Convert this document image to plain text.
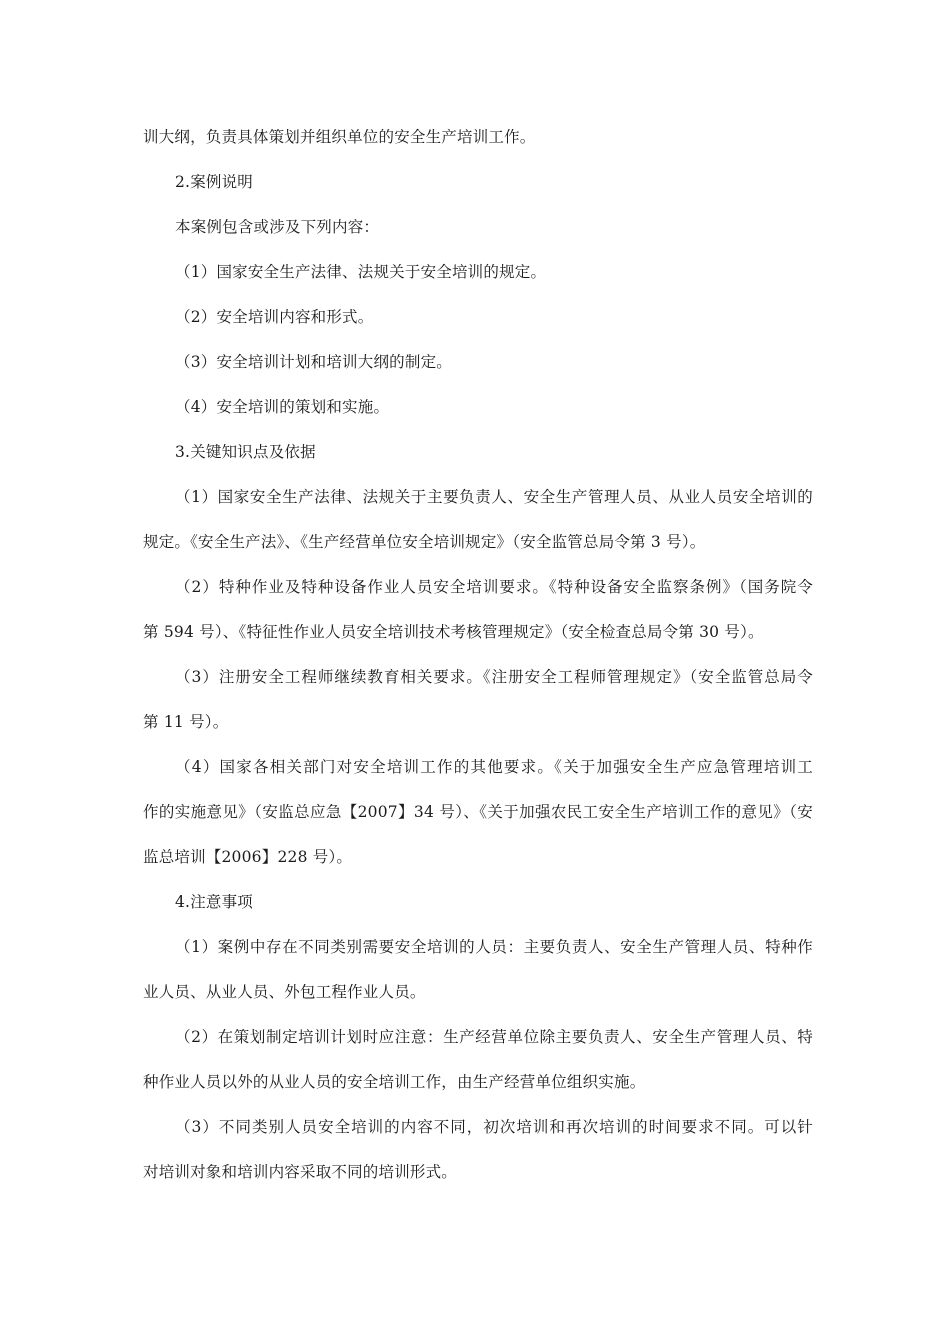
训大纲，负责具体策划并组织单位的安全生产培训工作。
2.案例说明
本案例包含或涉及下列内容：
（1）国家安全生产法律、法规关于安全培训的规定。
（2）安全培训内容和形式。
（3）安全培训计划和培训大纲的制定。
（4）安全培训的策划和实施。
3.关键知识点及依据
（1）国家安全生产法律、法规关于主要负责人、安全生产管理人员、从业人员安全培训的
规定。《安全生产法》、《生产经营单位安全培训规定》（安全监管总局令第 3 号）。
（2）特种作业及特种设备作业人员安全培训要求。《特种设备安全监察条例》（国务院令
第 594 号）、《特征性作业人员安全培训技术考核管理规定》（安全检查总局令第 30 号）。
（3）注册安全工程师继续教育相关要求。《注册安全工程师管理规定》（安全监管总局令
第 11 号）。
（4）国家各相关部门对安全培训工作的其他要求。《关于加强安全生产应急管理培训工
作的实施意见》（安监总应急【2007】34 号）、《关于加强农民工安全生产培训工作的意见》（安
监总培训【2006】228 号）。
4.注意事项
（1）案例中存在不同类别需要安全培训的人员：主要负责人、安全生产管理人员、特种作
业人员、从业人员、外包工程作业人员。
（2）在策划制定培训计划时应注意：生产经营单位除主要负责人、安全生产管理人员、特
种作业人员以外的从业人员的安全培训工作，由生产经营单位组织实施。
（3）不同类别人员安全培训的内容不同，初次培训和再次培训的时间要求不同。可以针
对培训对象和培训内容采取不同的培训形式。
